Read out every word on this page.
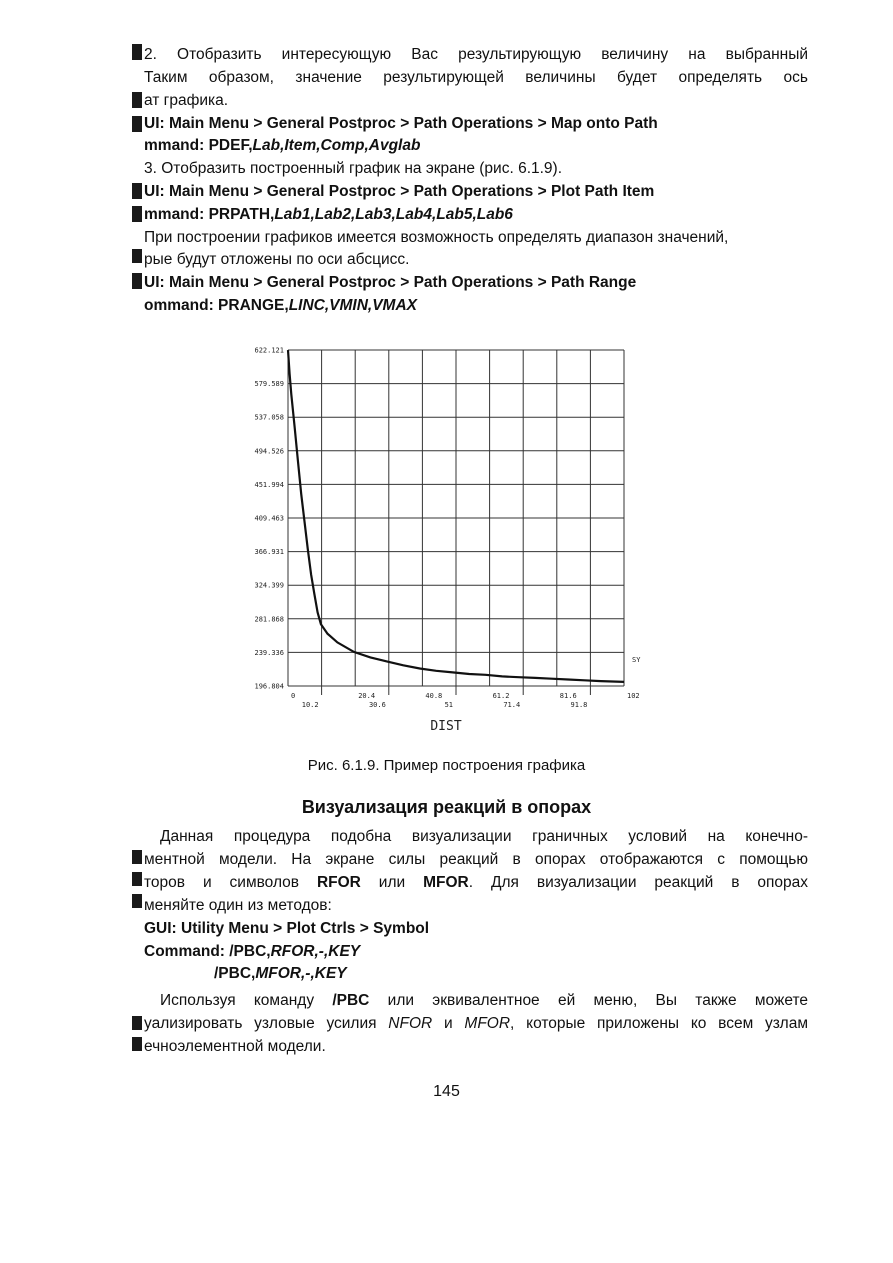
2. Отобразить интересующую Вас результирующую величину на выбранный
Таким образом, значение результирующей величины будет определять ось
ат графика.
UI: Main Menu > General Postproc > Path Operations > Map onto Path
mmand: PDEF,Lab,Item,Comp,Avglab
3. Отобразить построенный график на экране (рис. 6.1.9).
UI: Main Menu > General Postproc > Path Operations > Plot Path Item
mmand: PRPATH,Lab1,Lab2,Lab3,Lab4,Lab5,Lab6
При построении графиков имеется возможность определять диапазон значений,
рые будут отложены по оси абсцисс.
UI: Main Menu > General Postproc > Path Operations > Path Range
ommand: PRANGE,LINC,VMIN,VMAX
622.121
579.589
537.058
494.526
451.994
409.463
366.931
324.399
281.868
239.336
196.804
0	20.4	40.8	61.2	81.6	102
10.2	30.6	51	71.4	91.8
SY
DIST
Рис. 6.1.9. Пример построения графика
Визуализация реакций в опорах
Данная процедура подобна визуализации граничных условий на конечно-
ментной модели. На экране силы реакций в опорах отображаются с помощью
торов и символов RFOR или MFOR. Для визуализации реакций в опорах
меняйте один из методов:
GUI: Utility Menu > Plot Ctrls > Symbol
Command: /PBC,RFOR,-,KEY
/PBC,MFOR,-,KEY
Используя команду /PBC или эквивалентное ей меню, Вы также можете
уализировать узловые усилия NFOR и MFOR, которые приложены ко всем узлам
ечноэлементной модели.
145
